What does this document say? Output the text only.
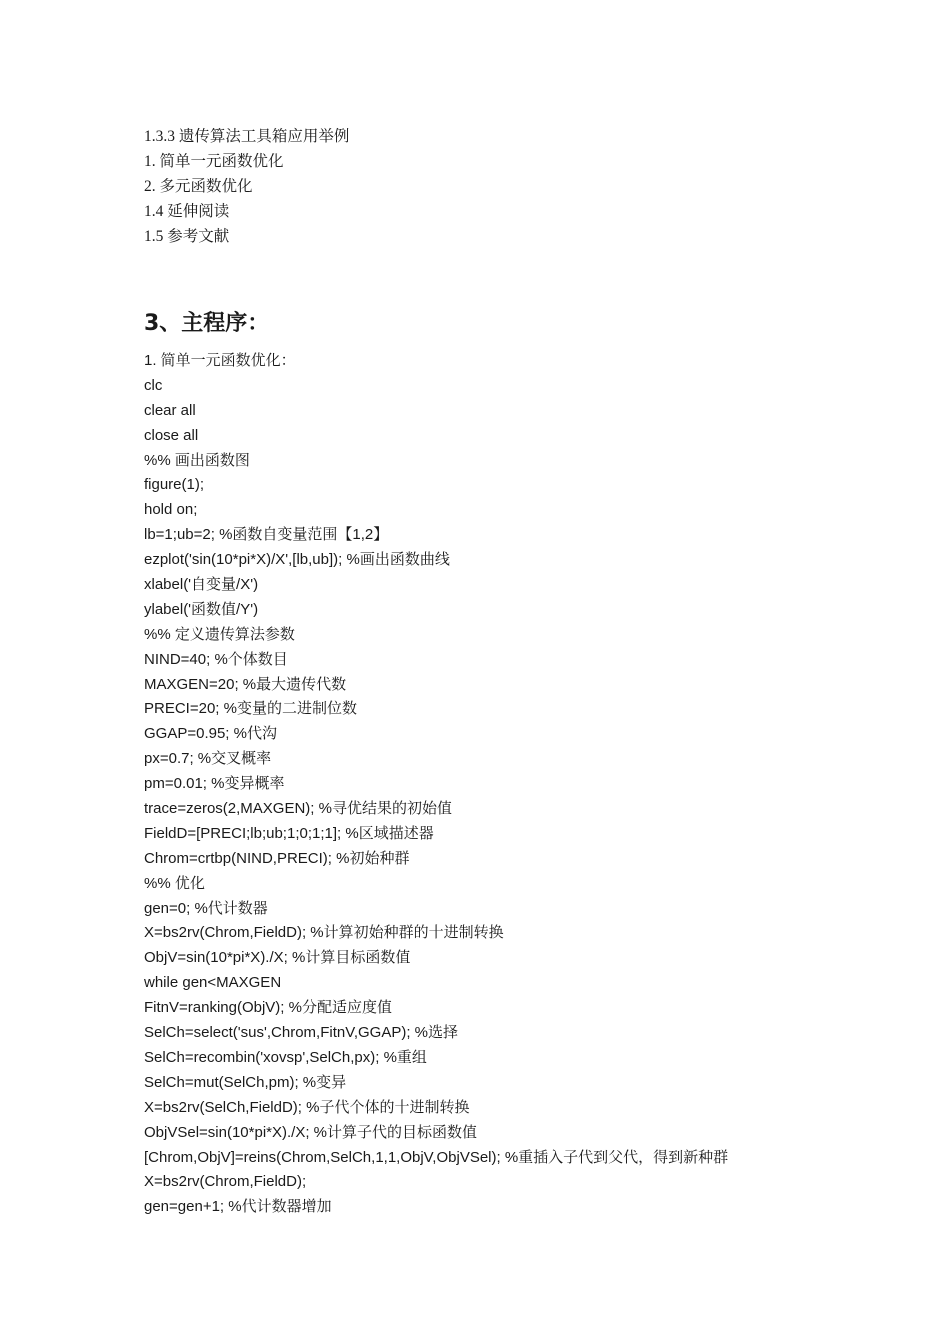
1.3.3 遗传算法工具箱应用举例
1. 简单一元函数优化
2. 多元函数优化
1.4 延伸阅读
1.5 参考文献
3、主程序：
1. 简单一元函数优化：
clc
clear all
close all
%% 画出函数图
figure(1);
hold on;
lb=1;ub=2; %函数自变量范围【1,2】
ezplot('sin(10*pi*X)/X',[lb,ub]); %画出函数曲线
xlabel('自变量/X')
ylabel('函数值/Y')
%% 定义遗传算法参数
NIND=40; %个体数目
MAXGEN=20; %最大遗传代数
PRECI=20; %变量的二进制位数
GGAP=0.95; %代沟
px=0.7; %交叉概率
pm=0.01; %变异概率
trace=zeros(2,MAXGEN); %寻优结果的初始值
FieldD=[PRECI;lb;ub;1;0;1;1]; %区域描述器
Chrom=crtbp(NIND,PRECI); %初始种群
%% 优化
gen=0; %代计数器
X=bs2rv(Chrom,FieldD); %计算初始种群的十进制转换
ObjV=sin(10*pi*X)./X; %计算目标函数值
while gen<MAXGEN
FitnV=ranking(ObjV); %分配适应度值
SelCh=select('sus',Chrom,FitnV,GGAP); %选择
SelCh=recombin('xovsp',SelCh,px); %重组
SelCh=mut(SelCh,pm); %变异
X=bs2rv(SelCh,FieldD); %子代个体的十进制转换
ObjVSel=sin(10*pi*X)./X; %计算子代的目标函数值
[Chrom,ObjV]=reins(Chrom,SelCh,1,1,ObjV,ObjVSel); %重插入子代到父代，得到新种群
X=bs2rv(Chrom,FieldD);
gen=gen+1; %代计数器增加
